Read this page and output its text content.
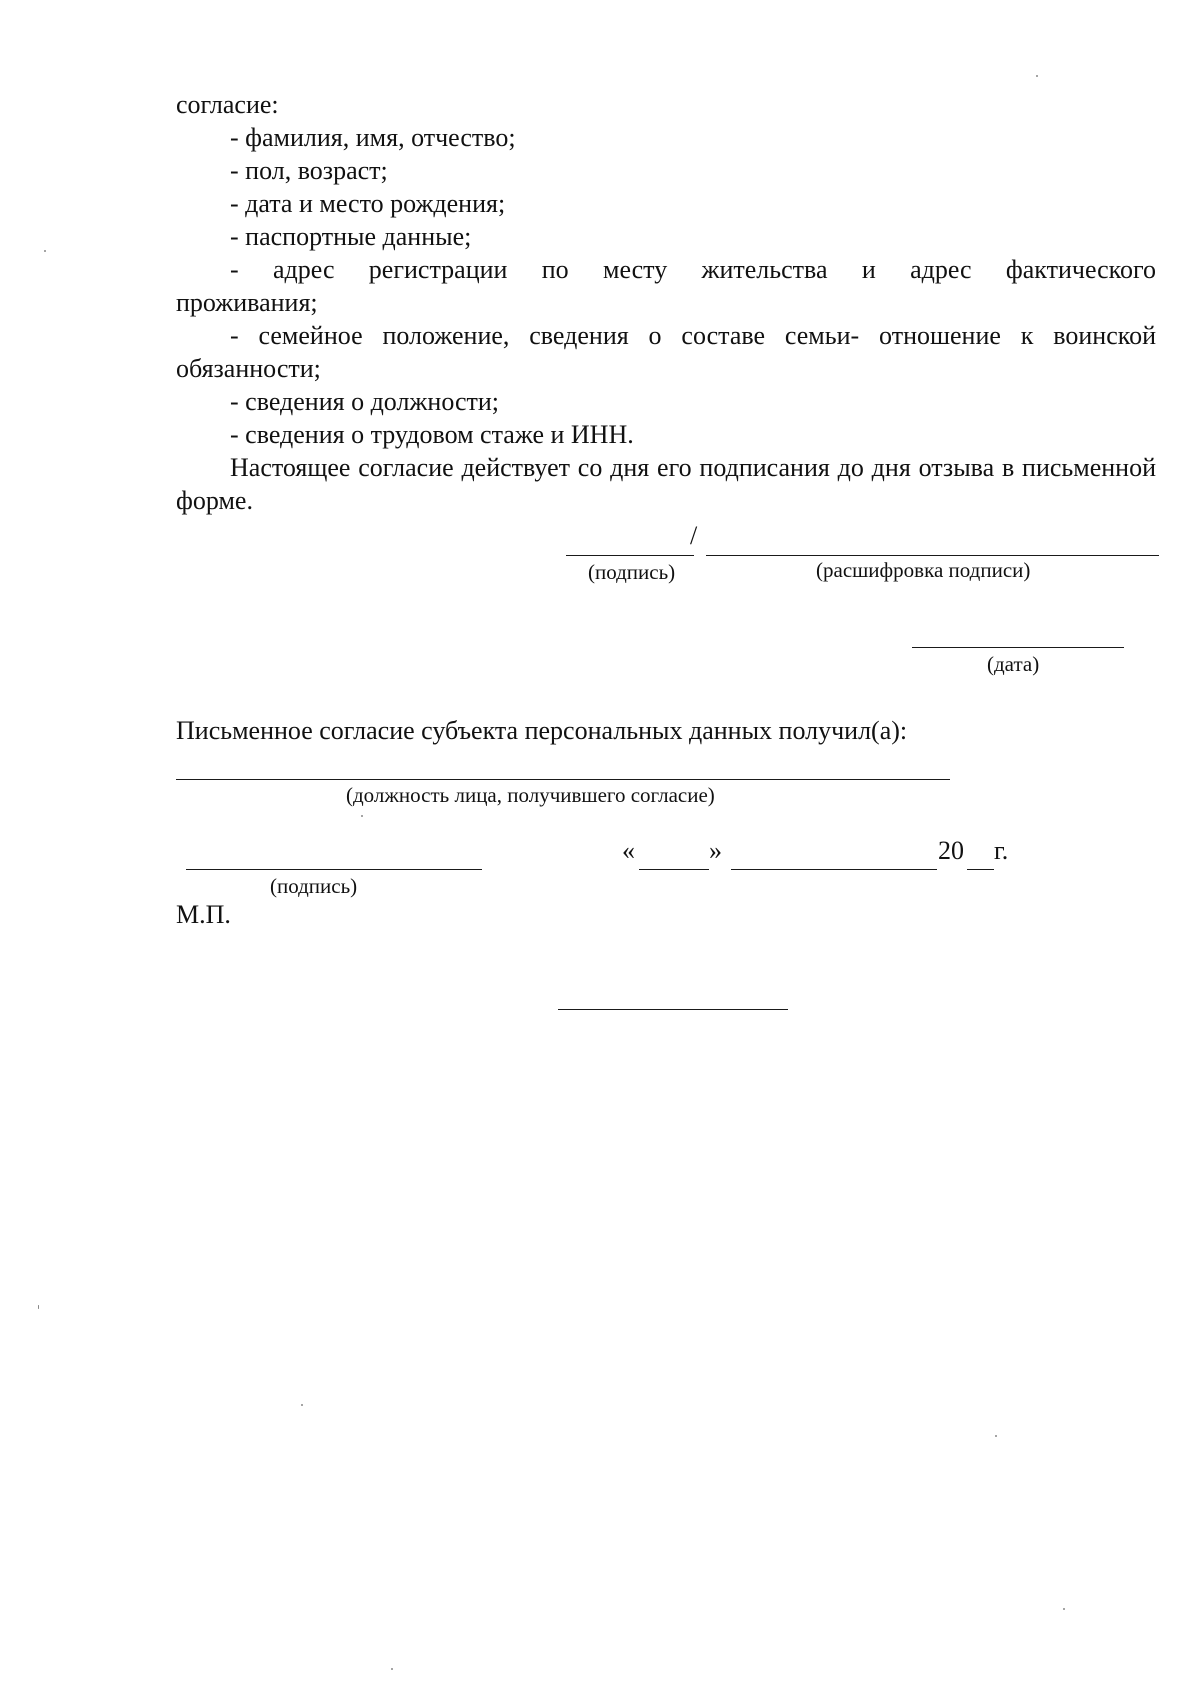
согласие:

- фамилия, имя, отчество;

- пол, возраст;

- дата и место рождения;

- паспортные данные;

- адрес регистрации по месту жительства и адрес фактического

проживания;

- семейное положение, сведения о составе семьи- отношение к воинской обязанности;

- сведения о должности;

- сведения о трудовом стаже и ИНН.

Настоящее согласие действует со дня его подписания до дня отзыва в письменной форме.

/
(подпись)	(расшифровка подписи)
(дата)
Письменное согласие субъекта персональных данных получил(а):
(должность лица, получившего согласие)
(подпись)
«	»	20 г.
М.П.
